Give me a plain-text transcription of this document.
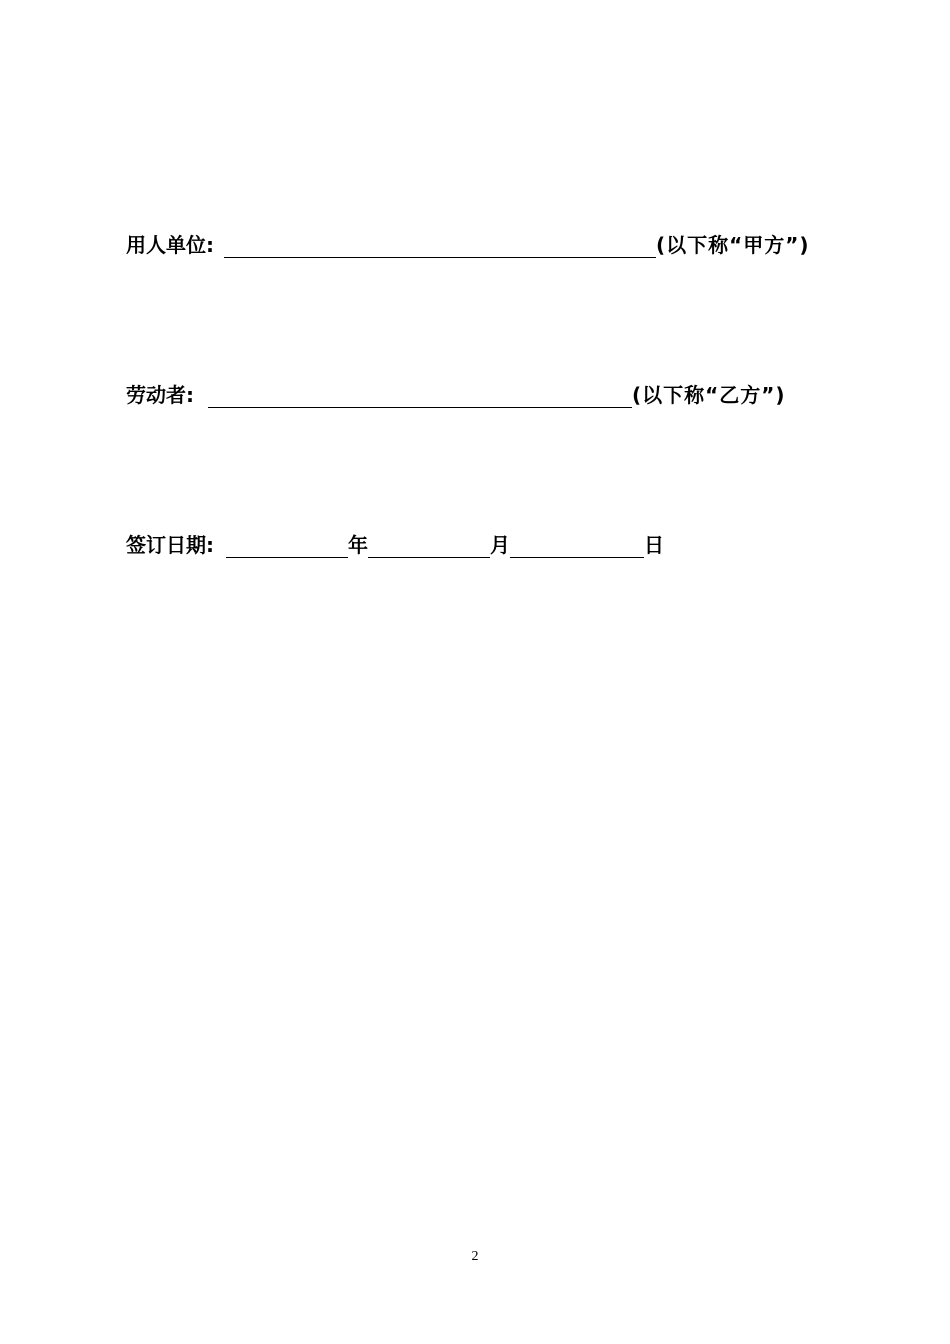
用人单位:	(以下称“甲方”)
劳动者:	(以下称“乙方”)
签订日期:	年	月	日
2
